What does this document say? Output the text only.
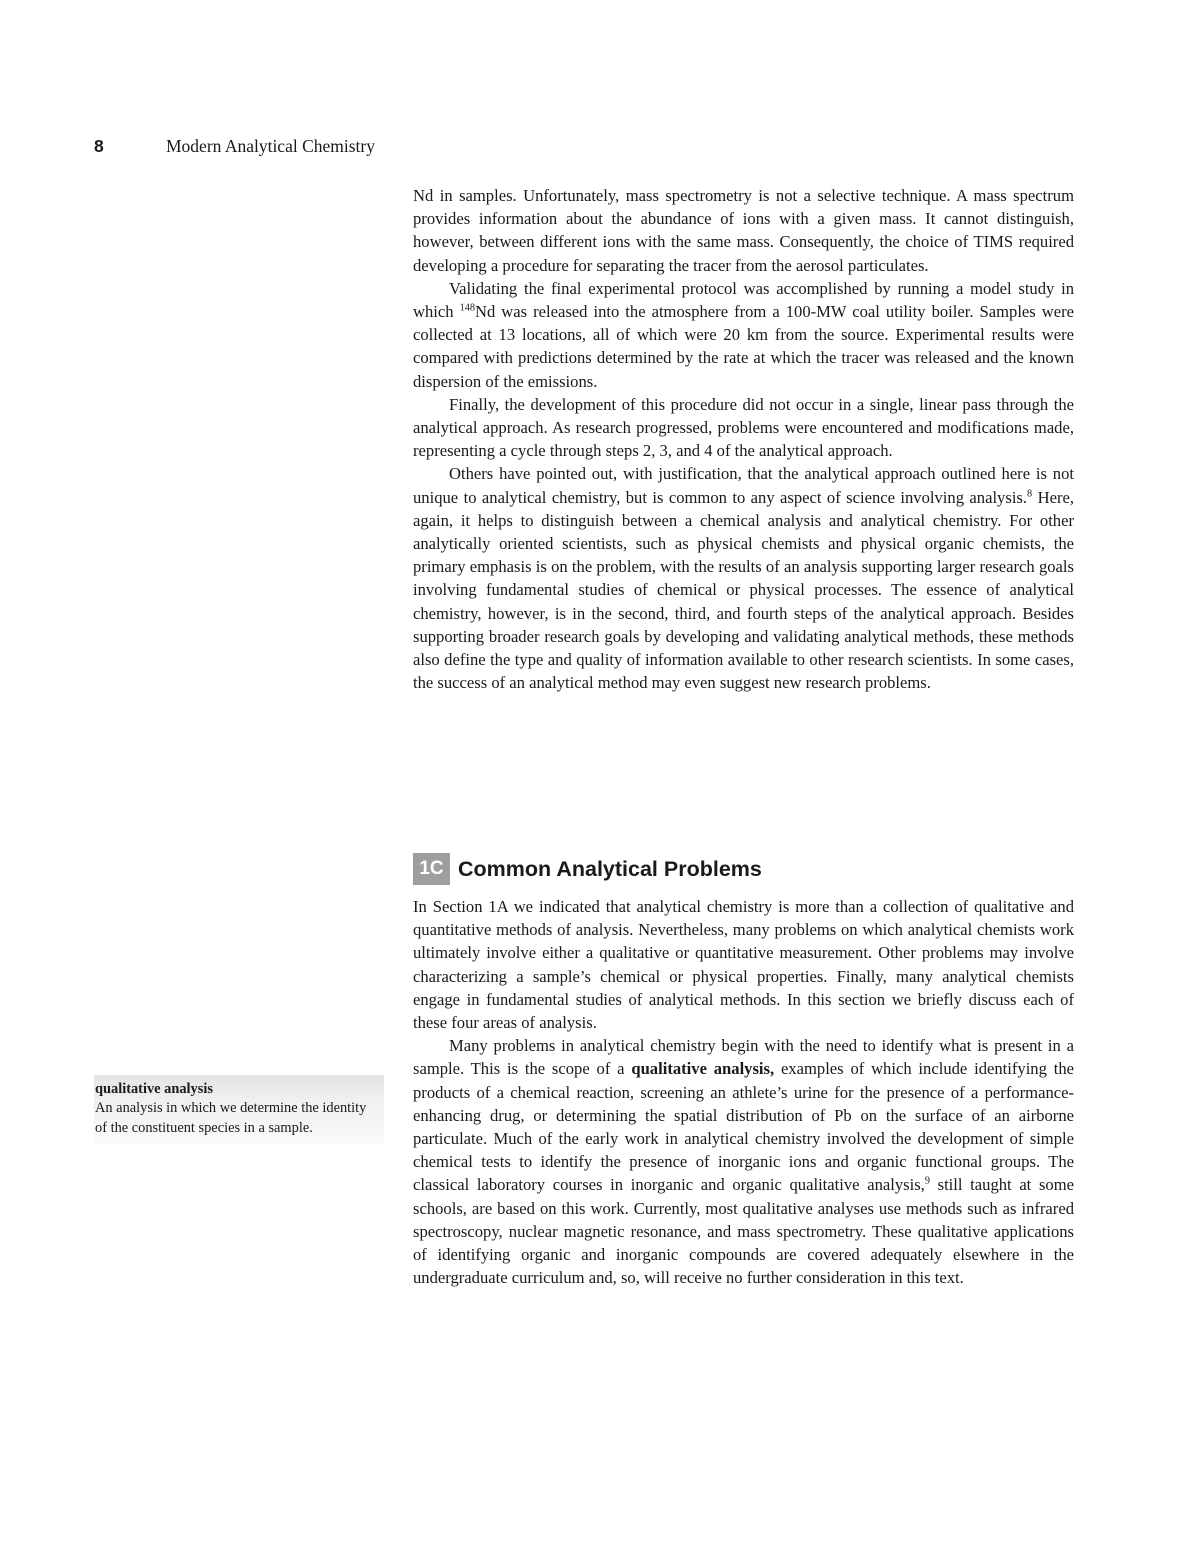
8	Modern Analytical Chemistry

Nd in samples. Unfortunately, mass spectrometry is not a selective technique. A mass spectrum provides information about the abundance of ions with a given mass. It cannot distinguish, however, between different ions with the same mass. Consequently, the choice of TIMS required developing a procedure for separating the tracer from the aerosol particulates.

Validating the final experimental protocol was accomplished by running a model study in which $^{148}$Nd was released into the atmosphere from a 100-MW coal utility boiler. Samples were collected at 13 locations, all of which were 20 km from the source. Experimental results were compared with predictions determined by the rate at which the tracer was released and the known dispersion of the emissions.

Finally, the development of this procedure did not occur in a single, linear pass through the analytical approach. As research progressed, problems were encountered and modifications made, representing a cycle through steps 2, 3, and 4 of the analytical approach.

Others have pointed out, with justification, that the analytical approach outlined here is not unique to analytical chemistry, but is common to any aspect of science involving analysis.$^8$ Here, again, it helps to distinguish between a chemical analysis and analytical chemistry. For other analytically oriented scientists, such as physical chemists and physical organic chemists, the primary emphasis is on the problem, with the results of an analysis supporting larger research goals involving fundamental studies of chemical or physical processes. The essence of analytical chemistry, however, is in the second, third, and fourth steps of the analytical approach. Besides supporting broader research goals by developing and validating analytical methods, these methods also define the type and quality of information available to other research scientists. In some cases, the success of an analytical method may even suggest new research problems.

1C Common Analytical Problems

In Section 1A we indicated that analytical chemistry is more than a collection of qualitative and quantitative methods of analysis. Nevertheless, many problems on which analytical chemists work ultimately involve either a qualitative or quantitative measurement. Other problems may involve characterizing a sample’s chemical or physical properties. Finally, many analytical chemists engage in fundamental studies of analytical methods. In this section we briefly discuss each of these four areas of analysis.

Many problems in analytical chemistry begin with the need to identify what is present in a sample. This is the scope of a qualitative analysis, examples of which include identifying the products of a chemical reaction, screening an athlete’s urine for the presence of a performance-enhancing drug, or determining the spatial distribution of Pb on the surface of an airborne particulate. Much of the early work in analytical chemistry involved the development of simple chemical tests to identify the presence of inorganic ions and organic functional groups. The classical laboratory courses in inorganic and organic qualitative analysis,$^9$ still taught at some schools, are based on this work. Currently, most qualitative analyses use methods such as infrared spectroscopy, nuclear magnetic resonance, and mass spectrometry. These qualitative applications of identifying organic and inorganic compounds are covered adequately elsewhere in the undergraduate curriculum and, so, will receive no further consideration in this text.

qualitative analysis
An analysis in which we determine the identity of the constituent species in a sample.
